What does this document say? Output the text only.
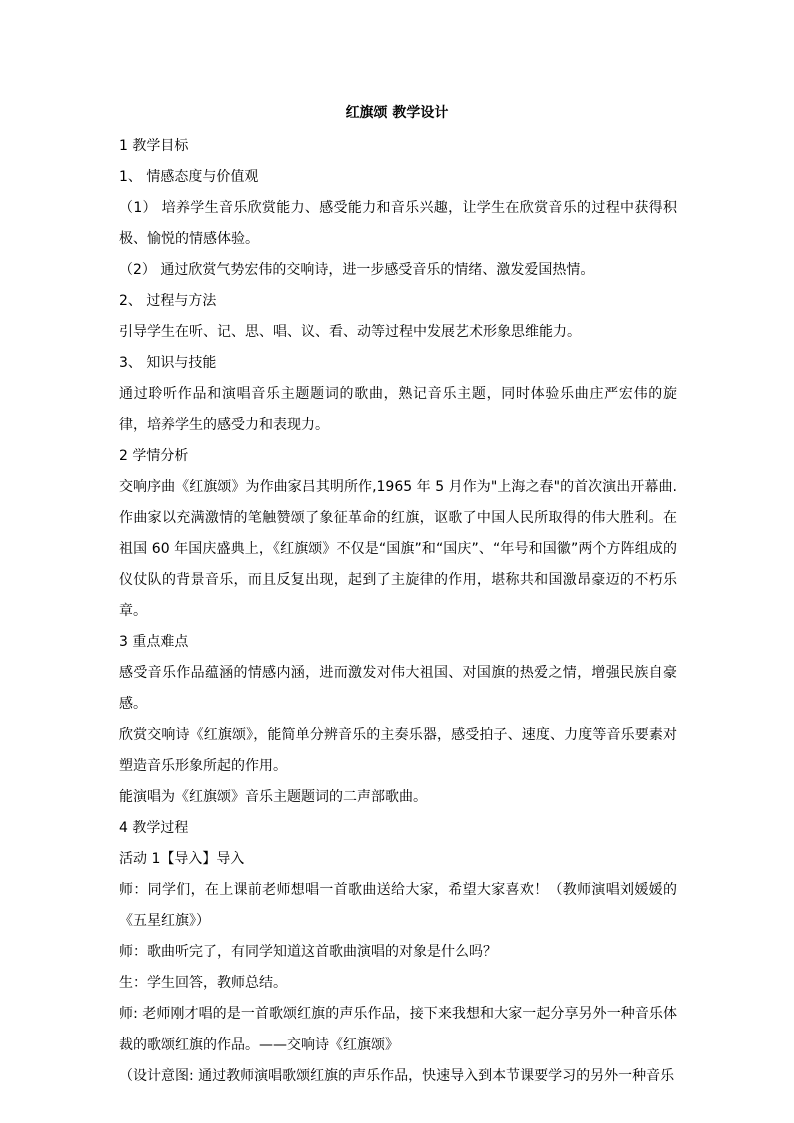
红旗颂 教学设计
1 教学目标
1、 情感态度与价值观
（1） 培养学生音乐欣赏能力、感受能力和音乐兴趣，让学生在欣赏音乐的过程中获得积极、愉悦的情感体验。
（2） 通过欣赏气势宏伟的交响诗，进一步感受音乐的情绪、激发爱国热情。
2、 过程与方法
引导学生在听、记、思、唱、议、看、动等过程中发展艺术形象思维能力。
3、 知识与技能
通过聆听作品和演唱音乐主题题词的歌曲，熟记音乐主题，同时体验乐曲庄严宏伟的旋律，培养学生的感受力和表现力。
2 学情分析
交响序曲《红旗颂》为作曲家吕其明所作,1965 年 5 月作为"上海之春"的首次演出开幕曲.作曲家以充满激情的笔触赞颂了象征革命的红旗，讴歌了中国人民所取得的伟大胜利。在祖国 60 年国庆盛典上，《红旗颂》不仅是“国旗”和“国庆”、“年号和国徽”两个方阵组成的仪仗队的背景音乐，而且反复出现，起到了主旋律的作用，堪称共和国激昂豪迈的不朽乐章。
3 重点难点
感受音乐作品蕴涵的情感内涵，进而激发对伟大祖国、对国旗的热爱之情，增强民族自豪感。
欣赏交响诗《红旗颂》，能简单分辨音乐的主奏乐器，感受拍子、速度、力度等音乐要素对塑造音乐形象所起的作用。
能演唱为《红旗颂》音乐主题题词的二声部歌曲。
4 教学过程
活动 1【导入】导入
师：同学们，在上课前老师想唱一首歌曲送给大家，希望大家喜欢！（教师演唱刘媛媛的《五星红旗》）
师：歌曲听完了，有同学知道这首歌曲演唱的对象是什么吗？
生：学生回答，教师总结。
师: 老师刚才唱的是一首歌颂红旗的声乐作品，接下来我想和大家一起分享另外一种音乐体裁的歌颂红旗的作品。——交响诗《红旗颂》
（设计意图: 通过教师演唱歌颂红旗的声乐作品，快速导入到本节课要学习的另外一种音乐
